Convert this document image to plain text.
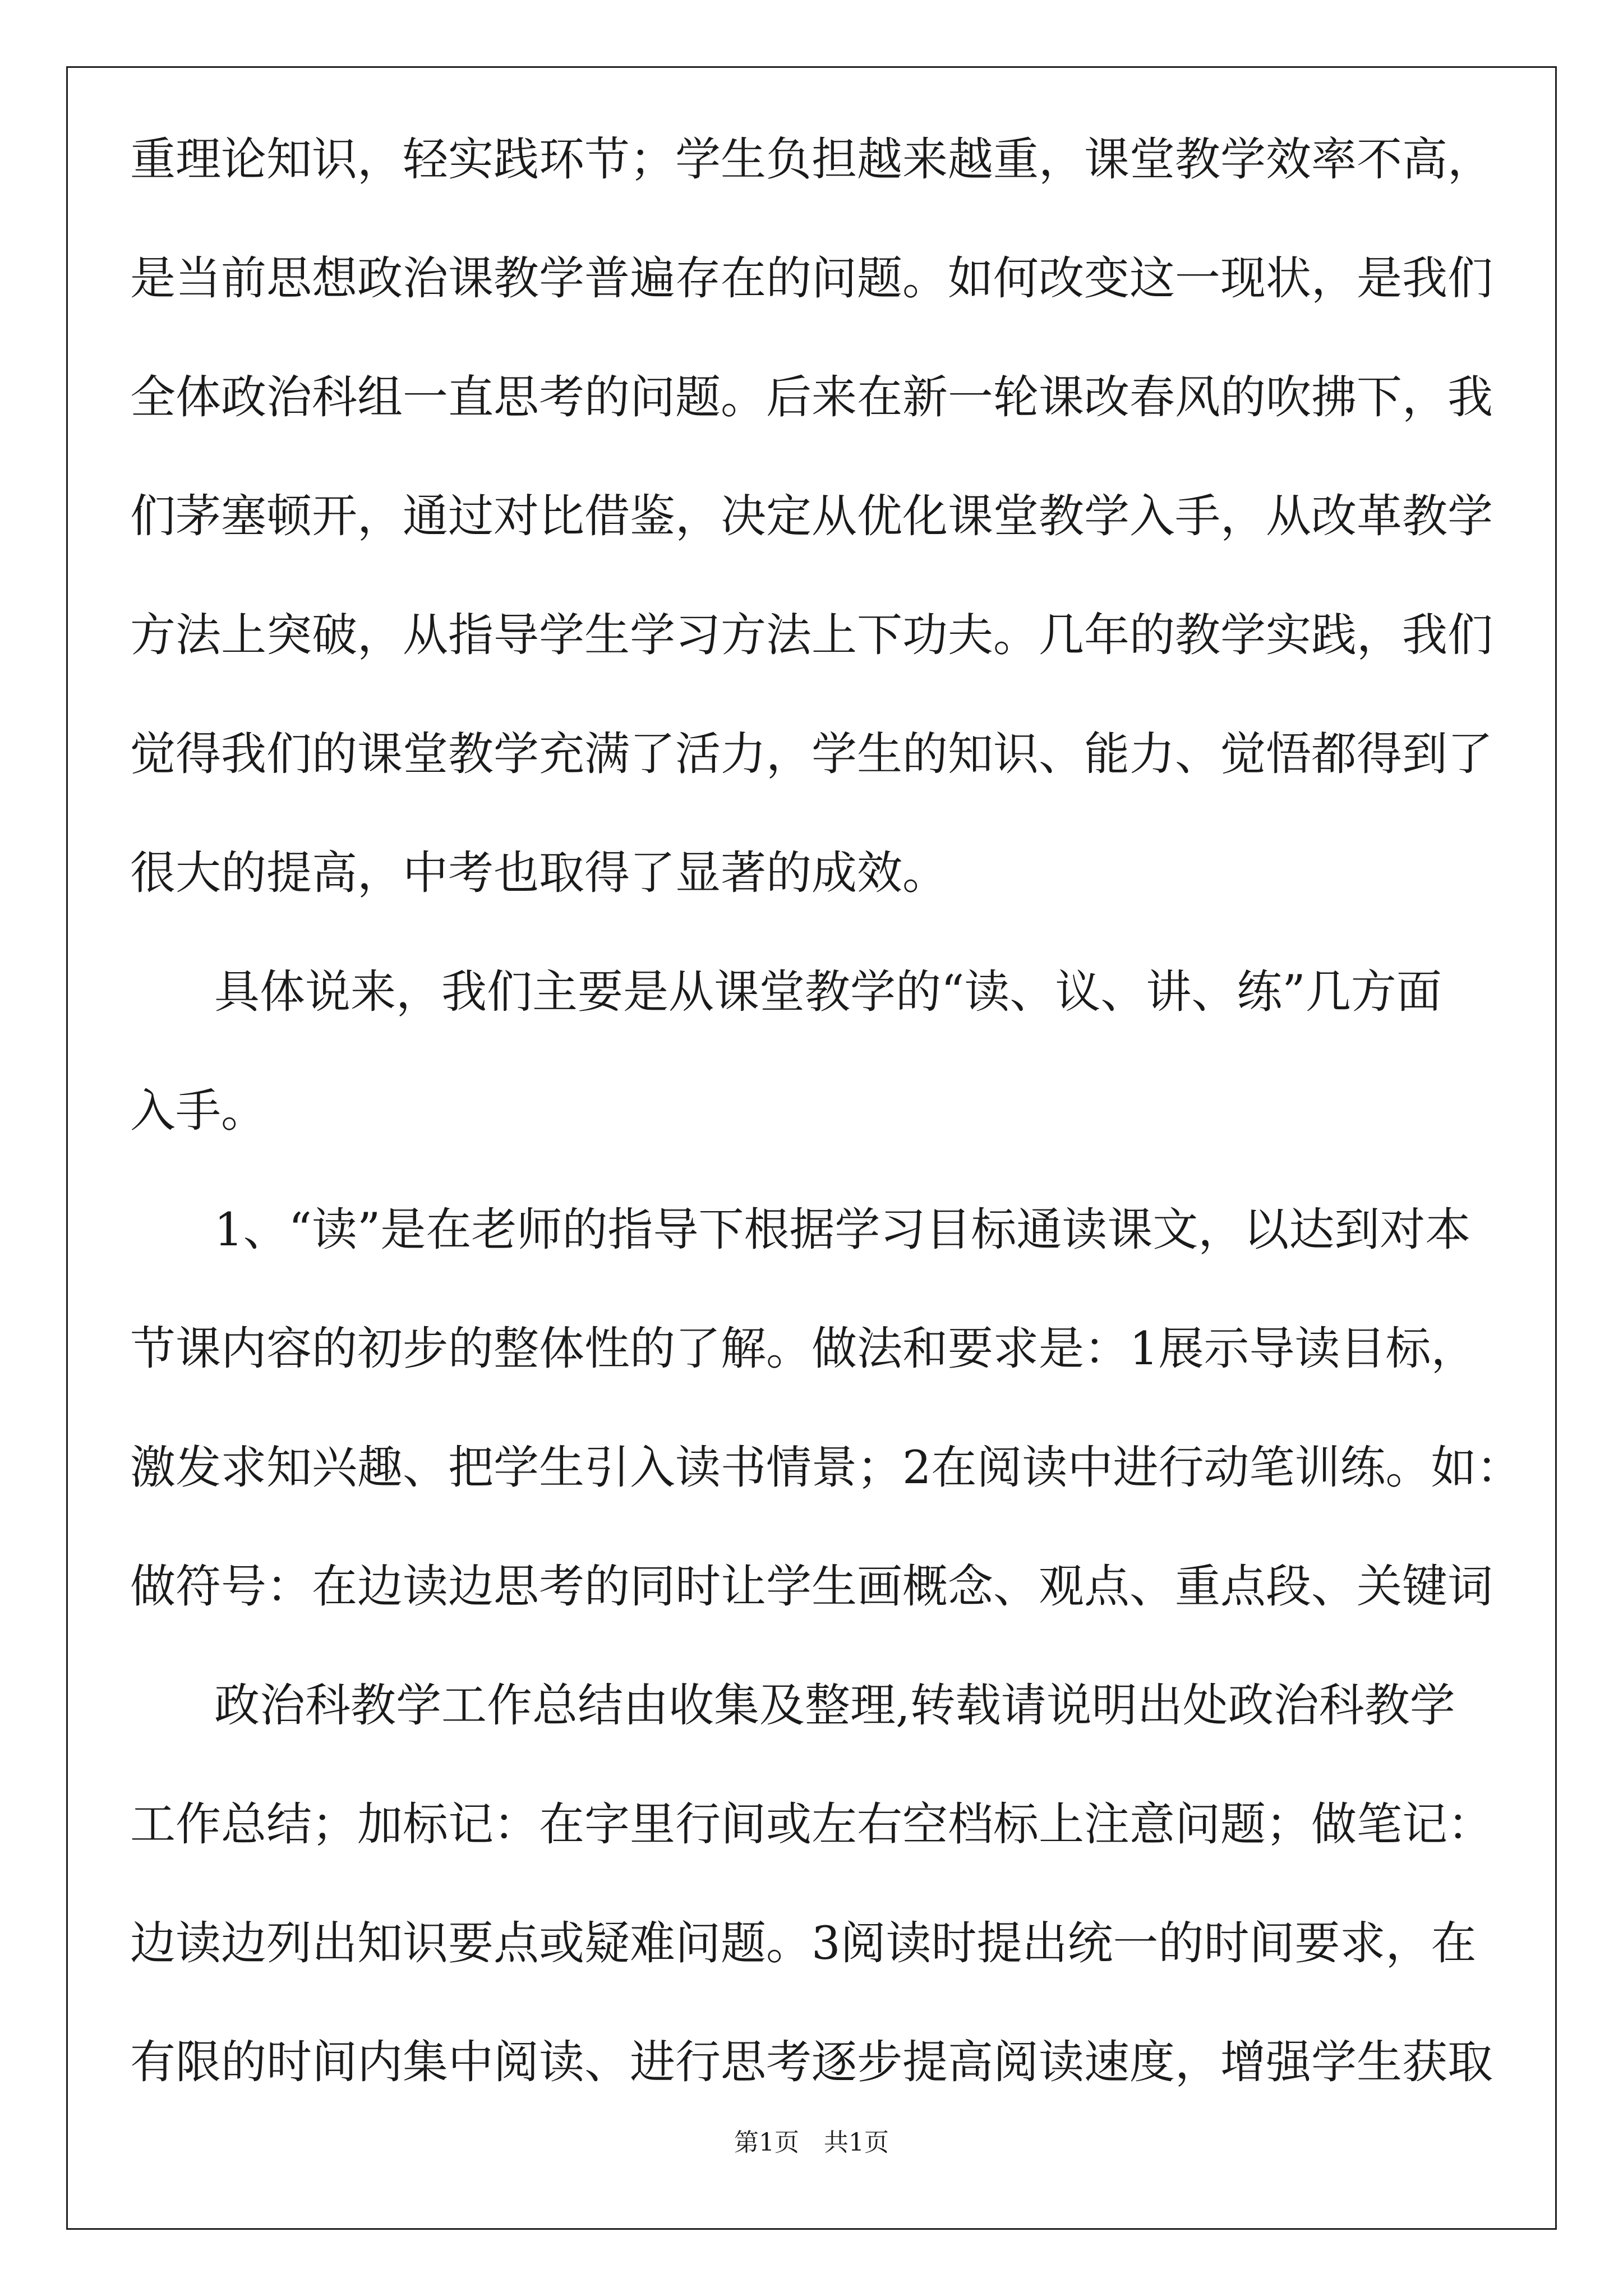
重理论知识，轻实践环节；学生负担越来越重，课堂教学效率不高，
是当前思想政治课教学普遍存在的问题。如何改变这一现状，是我们
全体政治科组一直思考的问题。后来在新一轮课改春风的吹拂下，我
们茅塞顿开，通过对比借鉴，决定从优化课堂教学入手，从改革教学
方法上突破，从指导学生学习方法上下功夫。几年的教学实践，我们
觉得我们的课堂教学充满了活力，学生的知识、能力、觉悟都得到了
很大的提高，中考也取得了显著的成效。
具体说来，我们主要是从课堂教学的“读、议、讲、练”几方面
入手。
1、“读”是在老师的指导下根据学习目标通读课文，以达到对本
节课内容的初步的整体性的了解。做法和要求是：1展示导读目标，
激发求知兴趣、把学生引入读书情景；2在阅读中进行动笔训练。如：
做符号：在边读边思考的同时让学生画概念、观点、重点段、关键词
政治科教学工作总结由收集及整理,转载请说明出处政治科教学
工作总结；加标记：在字里行间或左右空档标上注意问题；做笔记：
边读边列出知识要点或疑难问题。3阅读时提出统一的时间要求，在
有限的时间内集中阅读、进行思考逐步提高阅读速度，增强学生获取
第1页 共1页
